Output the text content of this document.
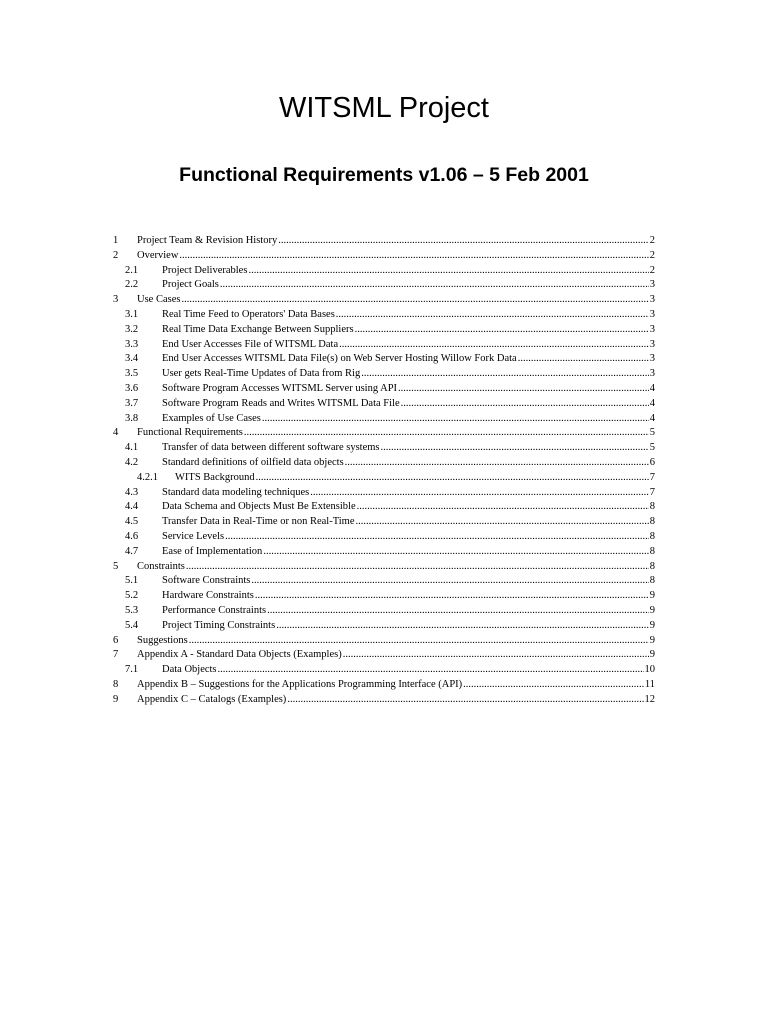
WITSML Project
Functional Requirements v1.06 – 5 Feb 2001
1	Project Team & Revision History .....	2
2	Overview .....	2
2.1	Project Deliverables .....	2
2.2	Project Goals .....	3
3	Use Cases .....	3
3.1	Real Time Feed to Operators' Data Bases .....	3
3.2	Real Time Data Exchange Between Suppliers .....	3
3.3	End User Accesses File of WITSML Data .....	3
3.4	End User Accesses WITSML Data File(s) on Web Server Hosting Willow Fork Data .....	3
3.5	User gets Real-Time Updates of Data from Rig .....	3
3.6	Software Program Accesses WITSML Server using API .....	4
3.7	Software Program Reads and Writes WITSML Data File .....	4
3.8	Examples of Use Cases .....	4
4	Functional Requirements .....	5
4.1	Transfer of data between different software systems .....	5
4.2	Standard definitions of oilfield data objects .....	6
4.2.1	WITS Background .....	7
4.3	Standard data modeling techniques .....	7
4.4	Data Schema and Objects Must Be Extensible .....	8
4.5	Transfer Data in Real-Time or non Real-Time .....	8
4.6	Service Levels .....	8
4.7	Ease of Implementation .....	8
5	Constraints .....	8
5.1	Software Constraints .....	8
5.2	Hardware Constraints .....	9
5.3	Performance Constraints .....	9
5.4	Project Timing Constraints .....	9
6	Suggestions .....	9
7	Appendix A - Standard Data Objects (Examples) .....	9
7.1	Data Objects .....	10
8	Appendix B – Suggestions for the Applications Programming Interface (API) .....	11
9	Appendix C – Catalogs (Examples) .....	12
